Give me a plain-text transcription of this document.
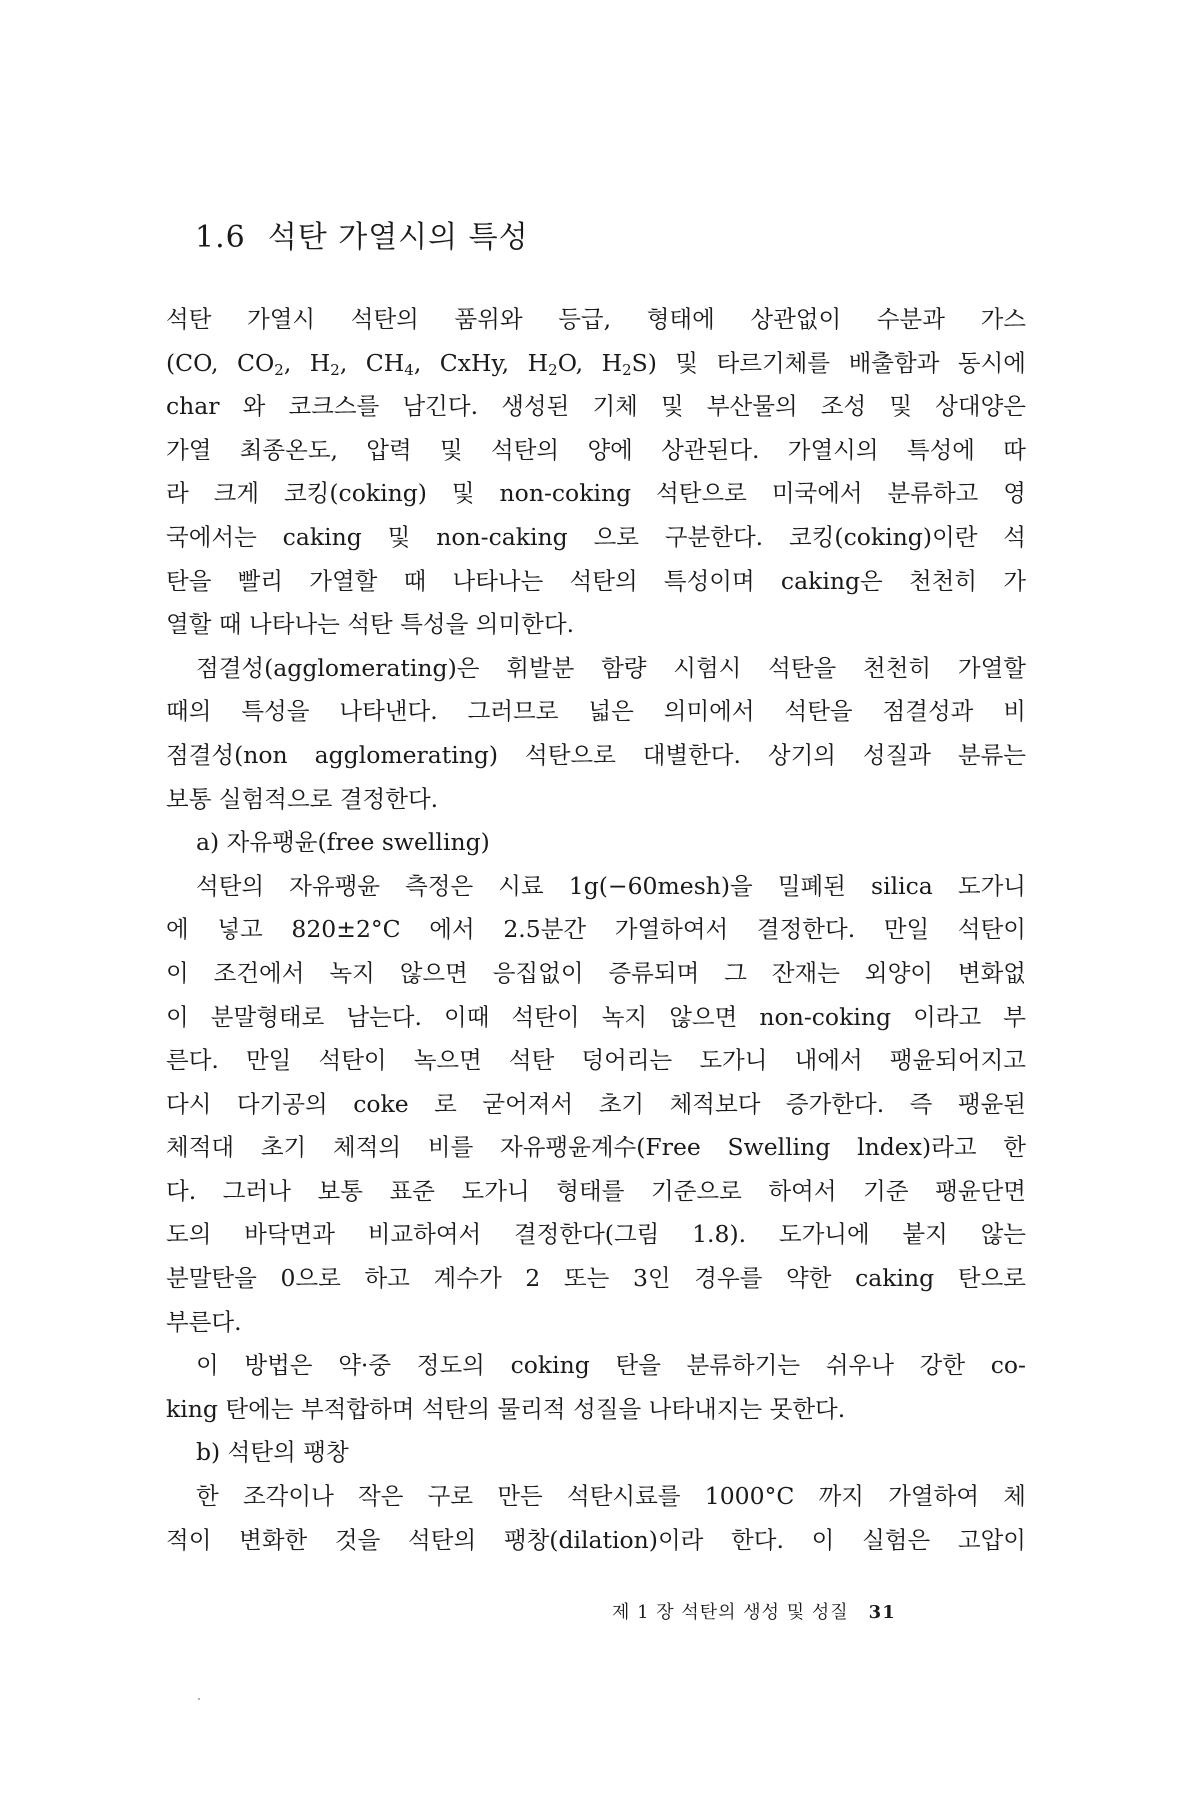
1.6 석탄 가열시의 특성
석탄 가열시 석탄의 품위와 등급, 형태에 상관없이 수분과 가스
(CO, $CO_2$, $H_2$, $CH_4$, CxHy, $H_2O$, $H_2S$) 및 타르기체를 배출함과 동시에
char 와 코크스를 남긴다. 생성된 기체 및 부산물의 조성 및 상대양은
가열 최종온도, 압력 및 석탄의 양에 상관된다. 가열시의 특성에 따
라 크게 코킹(coking) 및 non-coking 석탄으로 미국에서 분류하고 영
국에서는 caking 및 non-caking 으로 구분한다. 코킹(coking)이란 석
탄을 빨리 가열할 때 나타나는 석탄의 특성이며 caking은 천천히 가
열할 때 나타나는 석탄 특성을 의미한다.
점결성(agglomerating)은 휘발분 함량 시험시 석탄을 천천히 가열할
때의 특성을 나타낸다. 그러므로 넓은 의미에서 석탄을 점결성과 비
점결성(non agglomerating) 석탄으로 대별한다. 상기의 성질과 분류는
보통 실험적으로 결정한다.
a) 자유팽윤(free swelling)
석탄의 자유팽윤 측정은 시료 1g(−60mesh)을 밀폐된 silica 도가니
에 넣고 820±2°C 에서 2.5분간 가열하여서 결정한다. 만일 석탄이
이 조건에서 녹지 않으면 응집없이 증류되며 그 잔재는 외양이 변화없
이 분말형태로 남는다. 이때 석탄이 녹지 않으면 non-coking 이라고 부
른다. 만일 석탄이 녹으면 석탄 덩어리는 도가니 내에서 팽윤되어지고
다시 다기공의 coke 로 굳어져서 초기 체적보다 증가한다. 즉 팽윤된
체적대 초기 체적의 비를 자유팽윤계수(Free Swelling lndex)라고 한
다. 그러나 보통 표준 도가니 형태를 기준으로 하여서 기준 팽윤단면
도의 바닥면과 비교하여서 결정한다(그림 1.8). 도가니에 붙지 않는
분말탄을 0으로 하고 계수가 2 또는 3인 경우를 약한 caking 탄으로
부른다.
이 방법은 약·중 정도의 coking 탄을 분류하기는 쉬우나 강한 co-
king 탄에는 부적합하며 석탄의 물리적 성질을 나타내지는 못한다.
b) 석탄의 팽창
한 조각이나 작은 구로 만든 석탄시료를 1000°C 까지 가열하여 체
적이 변화한 것을 석탄의 팽창(dilation)이라 한다. 이 실험은 고압이
제 1 장 석탄의 생성 및 성질 31
